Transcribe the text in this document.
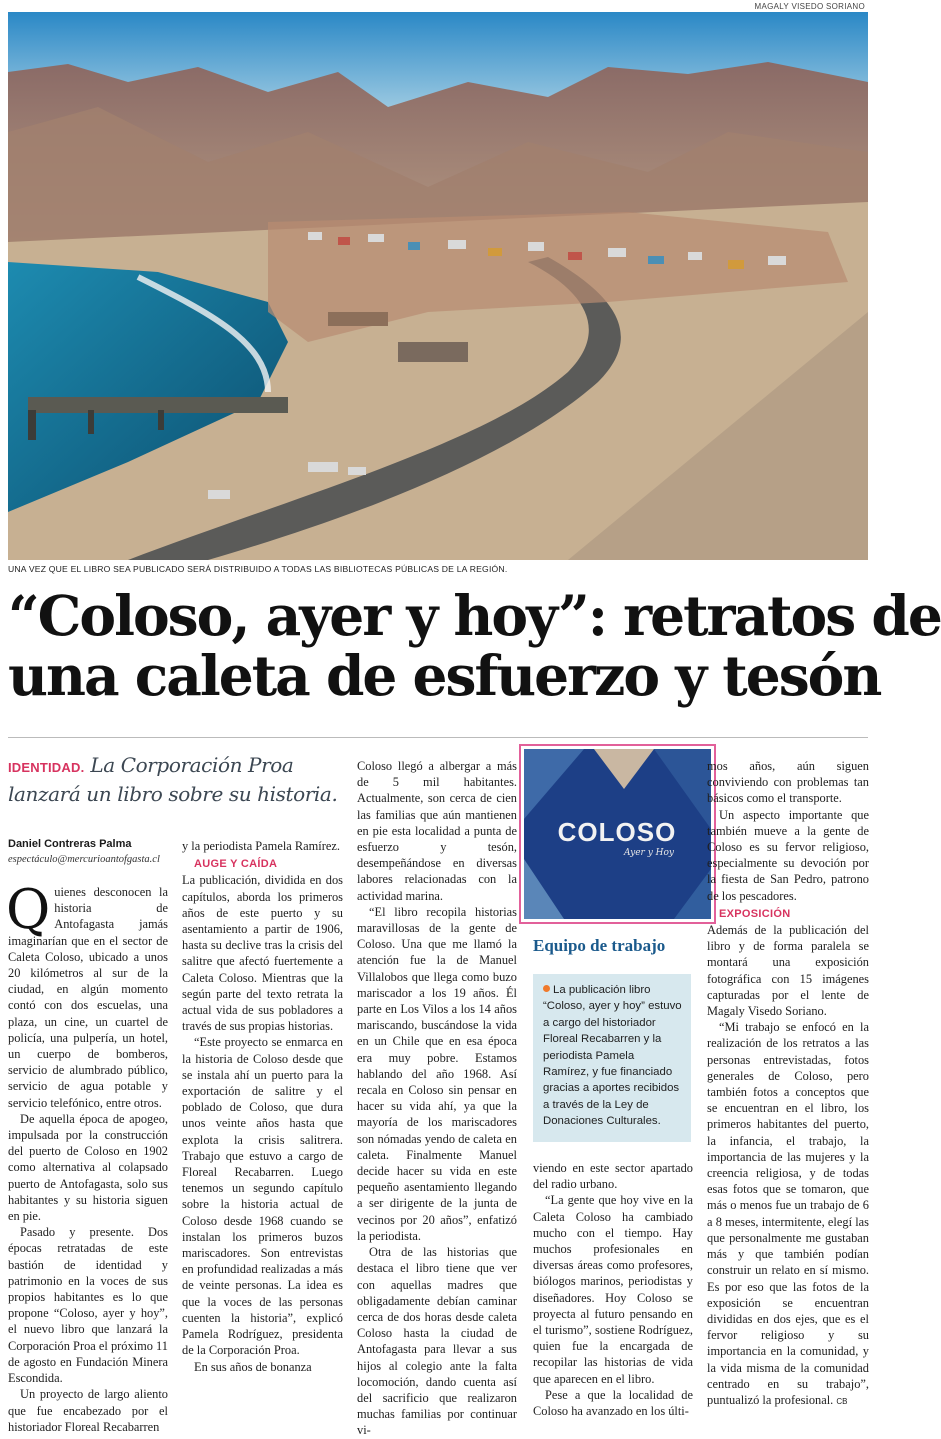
MAGALY VISEDO SORIANO
UNA VEZ QUE EL LIBRO SEA PUBLICADO SERÁ DISTRIBUIDO A TODAS LAS BIBLIOTECAS PÚBLICAS DE LA REGIÓN.
“Coloso, ayer y hoy”: retratos de
una caleta de esfuerzo y tesón
IDENTIDAD. La Corporación Proa lanzará un libro sobre su historia.
Daniel Contreras Palma
espectáculo@mercurioantofgasta.cl

Quienes desconocen la historia de Antofagasta jamás imaginarían que en el sector de Caleta Coloso, ubicado a unos 20 kilómetros al sur de la ciudad, en algún momento contó con dos escuelas, una plaza, un cine, un cuartel de policía, una pulpería, un hotel, un cuerpo de bomberos, servicio de alumbrado público, servicio de agua potable y servicio telefónico, entre otros.

De aquella época de apogeo, impulsada por la construcción del puerto de Coloso en 1902 como alternativa al colapsado puerto de Antofagasta, solo sus habitantes y su historia siguen en pie.

Pasado y presente. Dos épocas retratadas de este bastión de identidad y patrimonio en la voces de sus propios habitantes es lo que propone “Coloso, ayer y hoy”, el nuevo libro que lanzará la Corporación Proa el próximo 11 de agosto en Fundación Minera Escondida.

Un proyecto de largo aliento que fue encabezado por el historiador Floreal Recabarren

y la periodista Pamela Ramírez.

AUGE Y CAÍDA

La publicación, dividida en dos capítulos, aborda los primeros años de este puerto y su asentamiento a partir de 1906, hasta su declive tras la crisis del salitre que afectó fuertemente a Caleta Coloso. Mientras que la según parte del texto retrata la actual vida de sus pobladores a través de sus propias historias.

“Este proyecto se enmarca en la historia de Coloso desde que se instala ahí un puerto para la exportación de salitre y el poblado de Coloso, que dura unos veinte años hasta que explota la crisis salitrera. Trabajo que estuvo a cargo de Floreal Recabarren. Luego tenemos un segundo capítulo sobre la historia actual de Coloso desde 1968 cuando se instalan los primeros buzos mariscadores. Son entrevistas en profundidad realizadas a más de veinte personas. La idea es que la voces de las personas cuenten la historia”, explicó Pamela Rodríguez, presidenta de la Corporación Proa.

En sus años de bonanza

Coloso llegó a albergar a más de 5 mil habitantes. Actualmente, son cerca de cien las familias que aún mantienen en pie esta localidad a punta de esfuerzo y tesón, desempeñándose en diversas labores relacionadas con la actividad marina.

“El libro recopila historias maravillosas de la gente de Coloso. Una que me llamó la atención fue la de Manuel Villalobos que llega como buzo mariscador a los 19 años. Él parte en Los Vilos a los 14 años mariscando, buscándose la vida en un Chile que en esa época era muy pobre. Estamos hablando del año 1968. Así recala en Coloso sin pensar en hacer su vida ahí, ya que la mayoría de los mariscadores son nómadas yendo de caleta en caleta. Finalmente Manuel decide hacer su vida en este pequeño asentamiento llegando a ser dirigente de la junta de vecinos por 20 años”, enfatizó la periodista.

Otra de las historias que destaca el libro tiene que ver con aquellas madres que obligadamente debían caminar cerca de dos horas desde caleta Coloso hasta la ciudad de Antofagasta para llevar a sus hijos al colegio ante la falta locomoción, dando cuenta así del sacrificio que realizaron muchas familias por continuar vi-

COLOSO
Ayer y Hoy
Equipo de trabajo
La publicación libro “Coloso, ayer y hoy” estuvo a cargo del historiador Floreal Recabarren y la periodista Pamela Ramírez, y fue financiado gracias a aportes recibidos a través de la Ley de Donaciones Culturales.

viendo en este sector apartado del radio urbano.

“La gente que hoy vive en la Caleta Coloso ha cambiado mucho con el tiempo. Hay muchos profesionales en diversas áreas como profesores, biólogos marinos, periodistas y diseñadores. Hoy Coloso se proyecta al futuro pensando en el turismo”, sostiene Rodríguez, quien fue la encargada de recopilar las historias de vida que aparecen en el libro.

Pese a que la localidad de Coloso ha avanzado en los últi-

mos años, aún siguen conviviendo con problemas tan básicos como el transporte.

Un aspecto importante que también mueve a la gente de Coloso es su fervor religioso, especialmente su devoción por la fiesta de San Pedro, patrono de los pescadores.

EXPOSICIÓN

Además de la publicación del libro y de forma paralela se montará una exposición fotográfica con 15 imágenes capturadas por el lente de Magaly Visedo Soriano.

“Mi trabajo se enfocó en la realización de los retratos a las personas entrevistadas, fotos generales de Coloso, pero también fotos a conceptos que se encuentran en el libro, los primeros habitantes del puerto, la infancia, el trabajo, la importancia de las mujeres y la creencia religiosa, y de todas esas fotos que se tomaron, que más o menos fue un trabajo de 6 a 8 meses, intermitente, elegí las que personalmente me gustaban más y que también podían construir un relato en sí mismo. Es por eso que las fotos de la exposición se encuentran divididas en dos ejes, que es el fervor religioso y su importancia en la comunidad, y la vida misma de la comunidad centrado en su trabajo”, puntualizó la profesional. CB
